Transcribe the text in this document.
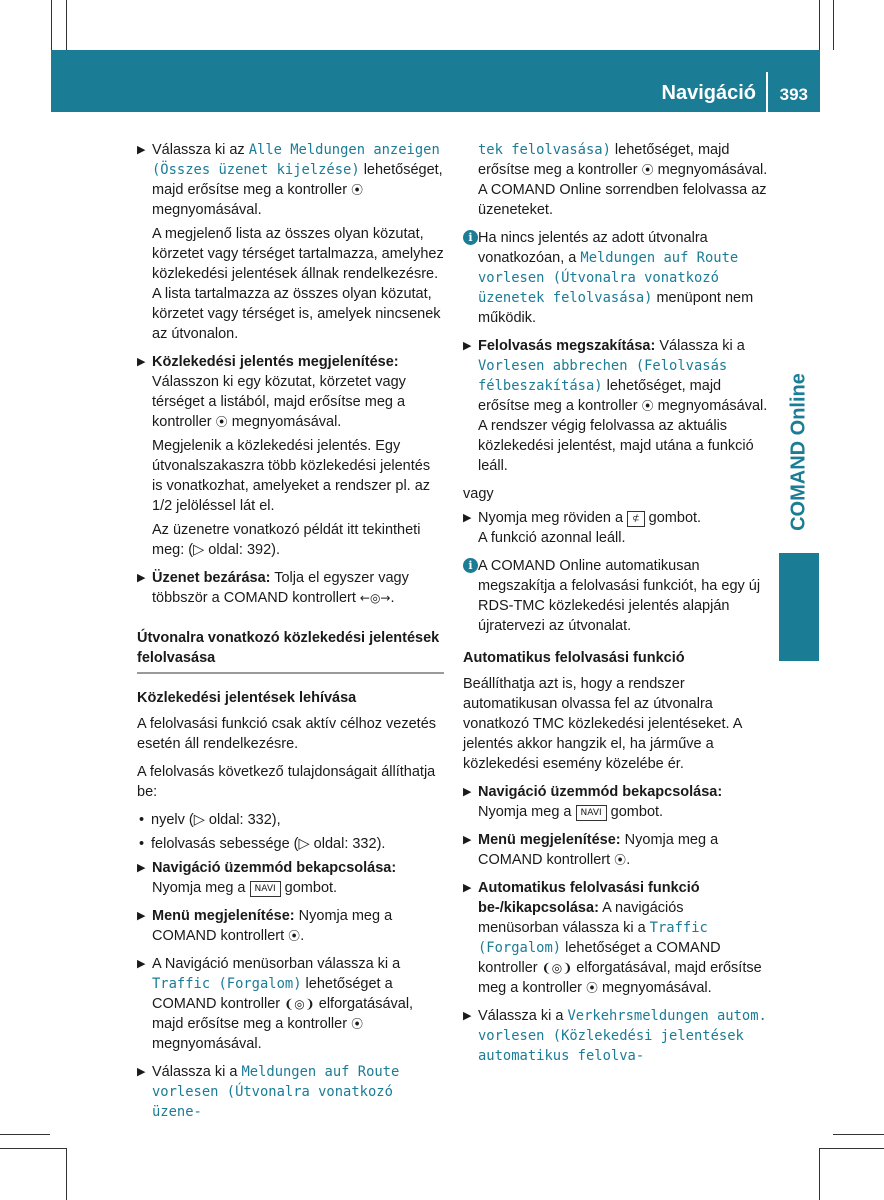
Navigáció 393
COMAND Online
▶ Válassza ki az Alle Meldungen anzeigen (Összes üzenet kijelzése) lehetőséget, majd erősítse meg a kontroller ⦿ megnyomásával.

A megjelenő lista az összes olyan közutat, körzetet vagy térséget tartalmazza, amelyhez közlekedési jelentések állnak rendelkezésre. A lista tartalmazza az összes olyan közutat, körzetet vagy térséget is, amelyek nincsenek az útvonalon.

▶ Közlekedési jelentés megjelenítése: Válasszon ki egy közutat, körzetet vagy térséget a listából, majd erősítse meg a kontroller ⦿ megnyomásával.

Megjelenik a közlekedési jelentés. Egy útvonalszakaszra több közlekedési jelentés is vonatkozhat, amelyeket a rendszer pl. az 1/2 jelöléssel lát el.

Az üzenetre vonatkozó példát itt tekintheti meg: (▷ oldal: 392).

▶ Üzenet bezárása: Tolja el egyszer vagy többször a COMAND kontrollert ←◎→.

Útvonalra vonatkozó közlekedési jelentések felolvasása
Közlekedési jelentések lehívása

A felolvasási funkció csak aktív célhoz vezetés esetén áll rendelkezésre.

A felolvasás következő tulajdonságait állíthatja be:

• nyelv (▷ oldal: 332),
• felolvasás sebessége (▷ oldal: 332).
▶ Navigáció üzemmód bekapcsolása: Nyomja meg a NAVI gombot.

▶ Menü megjelenítése: Nyomja meg a COMAND kontrollert ⦿.

▶ A Navigáció menüsorban válassza ki a Traffic (Forgalom) lehetőséget a COMAND kontroller ❨◎❩ elforgatásával, majd erősítse meg a kontroller ⦿ megnyomásával.

▶ Válassza ki a Meldungen auf Route vorlesen (Útvonalra vonatkozó üzene-

tek felolvasása) lehetőséget, majd erősítse meg a kontroller ⦿ megnyomásával. A COMAND Online sorrendben felolvassa az üzeneteket.

i Ha nincs jelentés az adott útvonalra vonatkozóan, a Meldungen auf Route vorlesen (Útvonalra vonatkozó üzenetek felolvasása) menüpont nem működik.

▶ Felolvasás megszakítása: Válassza ki a Vorlesen abbrechen (Felolvasás félbeszakítása) lehetőséget, majd erősítse meg a kontroller ⦿ megnyomásával. A rendszer végig felolvassa az aktuális közlekedési jelentést, majd utána a funkció leáll.

vagy

▶ Nyomja meg röviden a ⊄ gombot.

A funkció azonnal leáll.

i A COMAND Online automatikusan megszakítja a felolvasási funkciót, ha egy új RDS-TMC közlekedési jelentés alapján újratervezi az útvonalat.

Automatikus felolvasási funkció

Beállíthatja azt is, hogy a rendszer automatikusan olvassa fel az útvonalra vonatkozó TMC közlekedési jelentéseket. A jelentés akkor hangzik el, ha járműve a közlekedési esemény közelébe ér.

▶ Navigáció üzemmód bekapcsolása: Nyomja meg a NAVI gombot.

▶ Menü megjelenítése: Nyomja meg a COMAND kontrollert ⦿.

▶ Automatikus felolvasási funkció be-/kikapcsolása: A navigációs menüsorban válassza ki a Traffic (Forgalom) lehetőséget a COMAND kontroller ❨◎❩ elforgatásával, majd erősítse meg a kontroller ⦿ megnyomásával.

▶ Válassza ki a Verkehrsmeldungen autom. vorlesen (Közlekedési jelentések automatikus felolva-
